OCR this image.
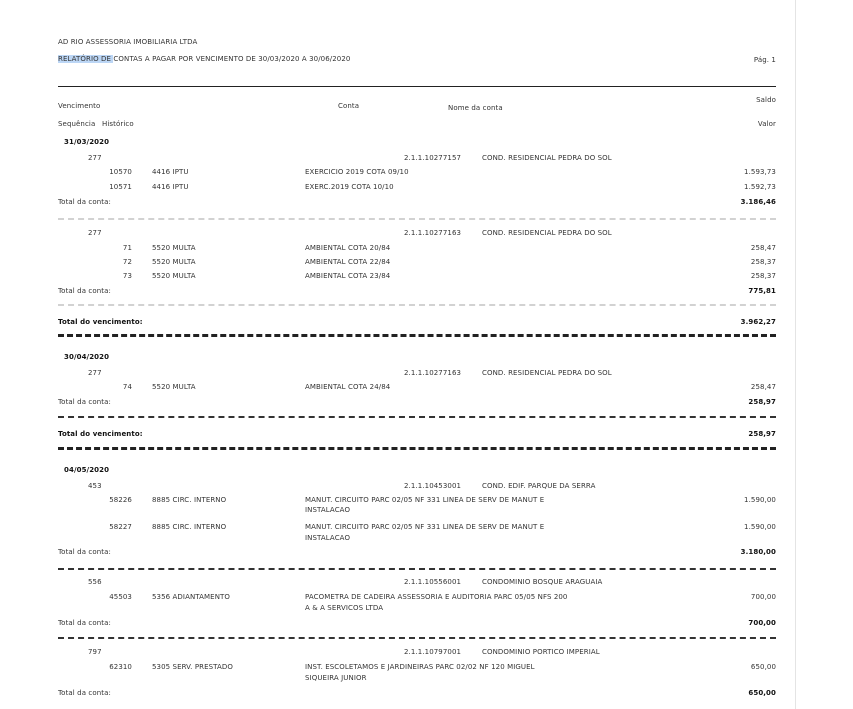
AD RIO ASSESSORIA IMOBILIARIA LTDA
RELATÓRIO DE CONTAS A PAGAR POR VENCIMENTO DE 30/03/2020 A 30/06/2020	Pág. 1
Vencimento	Conta	Nome da conta
Saldo
Sequência Histórico	Valor
31/03/2020
277	2.1.1.10277157	COND. RESIDENCIAL PEDRA DO SOL
10570	4416 IPTU	EXERCICIO 2019 COTA 09/10	1.593,73
10571	4416 IPTU	EXERC.2019 COTA 10/10	1.592,73
Total da conta:	3.186,46
277	2.1.1.10277163	COND. RESIDENCIAL PEDRA DO SOL
71	5520 MULTA	AMBIENTAL COTA 20/84	258,47
72	5520 MULTA	AMBIENTAL COTA 22/84	258,37
73	5520 MULTA	AMBIENTAL COTA 23/84	258,37
Total da conta:	775,81
Total do vencimento:	3.962,27
30/04/2020
277	2.1.1.10277163	COND. RESIDENCIAL PEDRA DO SOL
74	5520 MULTA	AMBIENTAL COTA 24/84	258,47
Total da conta:	258,97
Total do vencimento:	258,97
04/05/2020
453	2.1.1.10453001	COND. EDIF. PARQUE DA SERRA
58226	8885 CIRC. INTERNO	MANUT. CIRCUITO PARC 02/05 NF 331 LINEA DE SERV DE MANUT E
INSTALACAO
1.590,00
58227	8885 CIRC. INTERNO	MANUT. CIRCUITO PARC 02/05 NF 331 LINEA DE SERV DE MANUT E
INSTALACAO
1.590,00
Total da conta:	3.180,00
556	2.1.1.10556001	CONDOMINIO BOSQUE ARAGUAIA
45503	5356 ADIANTAMENTO	PACOMETRA DE CADEIRA ASSESSORIA E AUDITORIA PARC 05/05 NFS 200
A & A SERVICOS LTDA
700,00
Total da conta:	700,00
797	2.1.1.10797001	CONDOMINIO PORTICO IMPERIAL
62310	5305 SERV. PRESTADO	INST. ESCOLETAMOS E JARDINEIRAS PARC 02/02 NF 120 MIGUEL
SIQUEIRA JUNIOR
650,00
Total da conta:	650,00
